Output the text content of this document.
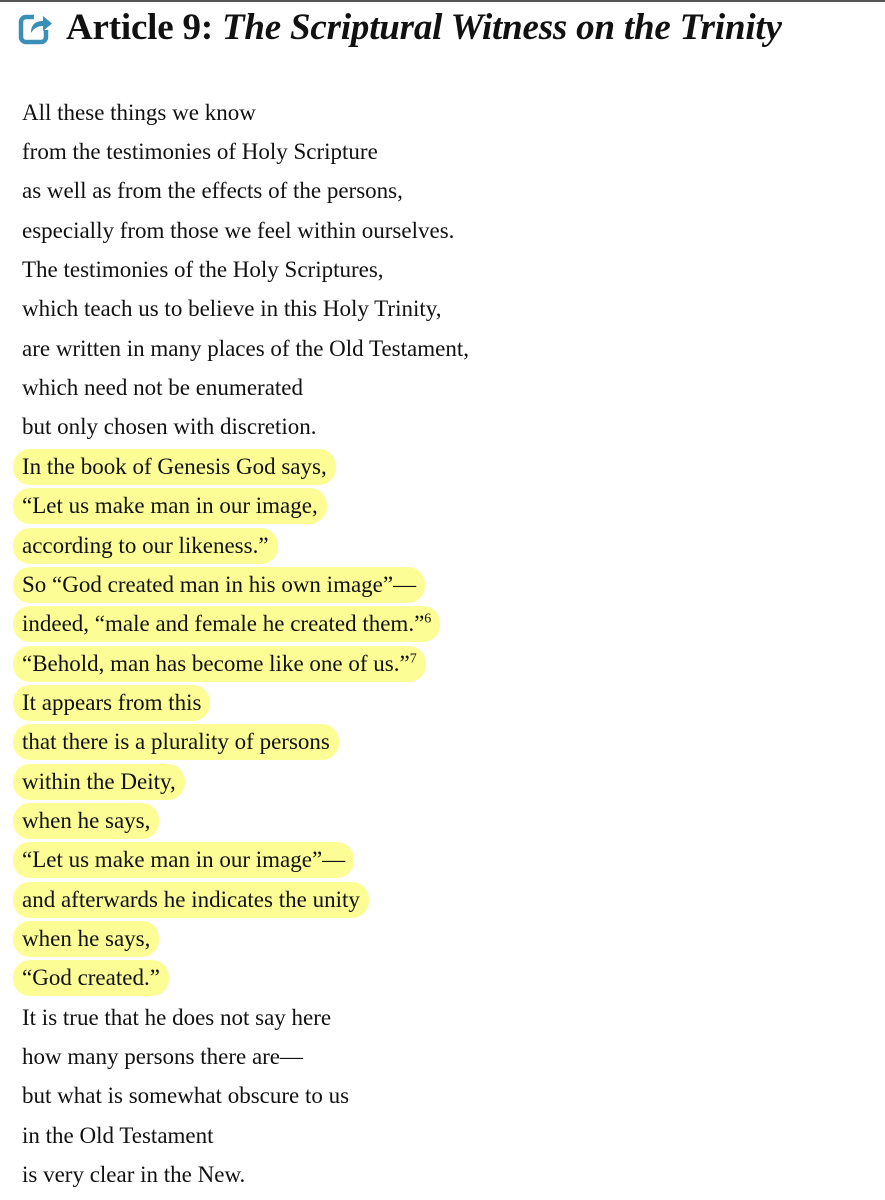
Article 9: The Scriptural Witness on the Trinity
All these things we know
from the testimonies of Holy Scripture
as well as from the effects of the persons,
especially from those we feel within ourselves.
The testimonies of the Holy Scriptures,
which teach us to believe in this Holy Trinity,
are written in many places of the Old Testament,
which need not be enumerated
but only chosen with discretion.
In the book of Genesis God says,
“Let us make man in our image,
according to our likeness.”
So “God created man in his own image”—
indeed, “male and female he created them.”$^6$
“Behold, man has become like one of us.”$^7$
It appears from this
that there is a plurality of persons
within the Deity,
when he says,
“Let us make man in our image”—
and afterwards he indicates the unity
when he says,
“God created.”
It is true that he does not say here
how many persons there are—
but what is somewhat obscure to us
in the Old Testament
is very clear in the New.
